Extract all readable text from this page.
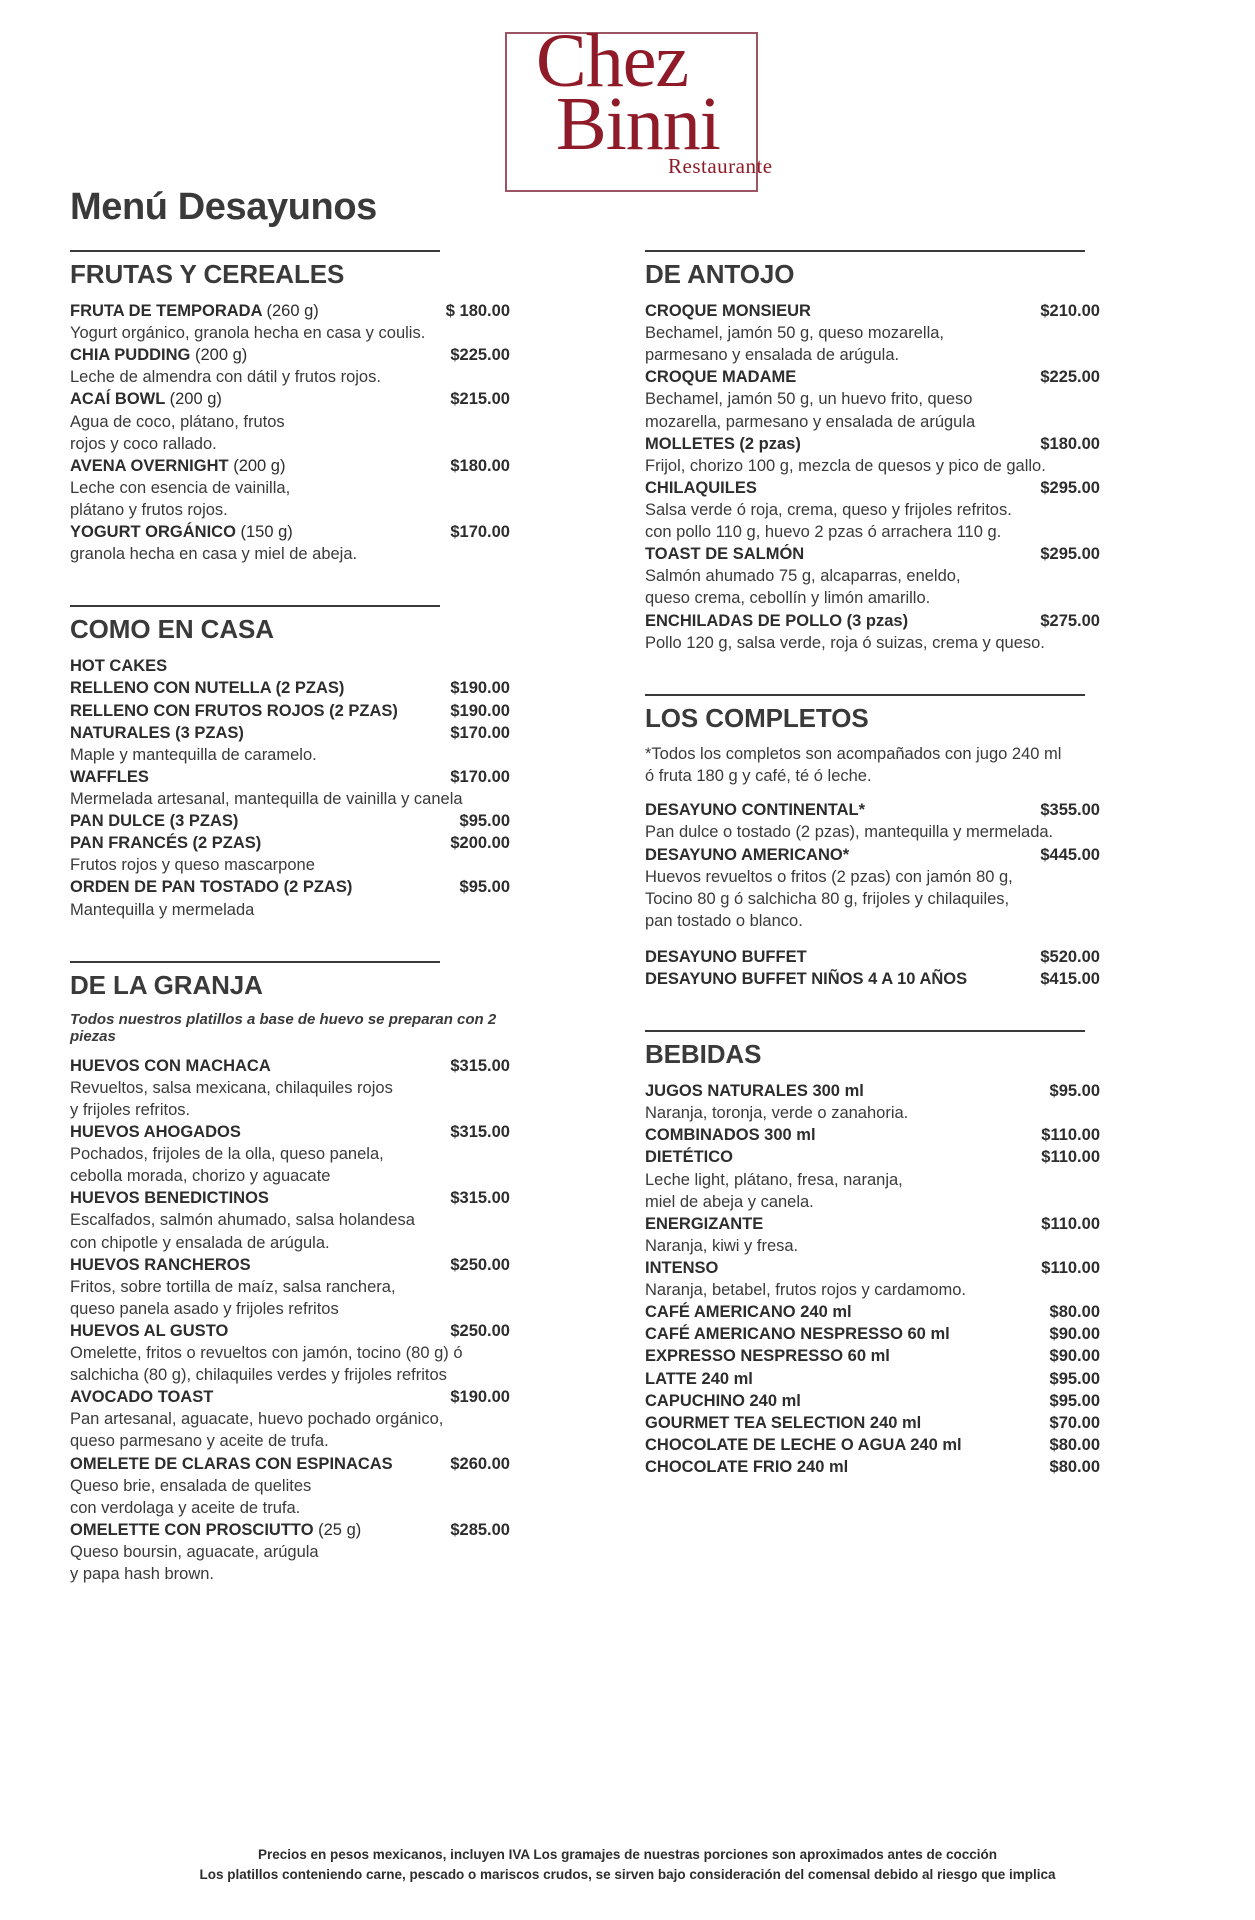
Chez
Binni
Restaurante
Menú Desayunos
FRUTAS Y CEREALES
FRUTA DE TEMPORADA (260 g)	$ 180.00
Yogurt orgánico, granola hecha en casa y coulis.
CHIA PUDDING (200 g)	$225.00
Leche de almendra con dátil y frutos rojos.
ACAÍ BOWL (200 g)	$215.00
Agua de coco, plátano, frutos
rojos y coco rallado.
AVENA OVERNIGHT (200 g)	$180.00
Leche con esencia de vainilla,
plátano y frutos rojos.
YOGURT ORGÁNICO (150 g)	$170.00
granola hecha en casa y miel de abeja.
COMO EN CASA
HOT CAKES
RELLENO CON NUTELLA (2 PZAS)	$190.00
RELLENO CON FRUTOS ROJOS (2 PZAS)	$190.00
NATURALES (3 PZAS)	$170.00
Maple y mantequilla de caramelo.
WAFFLES	$170.00
Mermelada artesanal, mantequilla de vainilla y canela
PAN DULCE (3 PZAS)	$95.00
PAN FRANCÉS (2 PZAS)	$200.00
Frutos rojos y queso mascarpone
ORDEN DE PAN TOSTADO (2 PZAS)	$95.00
Mantequilla y mermelada
DE LA GRANJA
Todos nuestros platillos a base de huevo se preparan con 2 piezas
HUEVOS CON MACHACA	$315.00
Revueltos, salsa mexicana, chilaquiles rojos
y frijoles refritos.
HUEVOS AHOGADOS	$315.00
Pochados, frijoles de la olla, queso panela,
cebolla morada, chorizo y aguacate
HUEVOS BENEDICTINOS	$315.00
Escalfados, salmón ahumado, salsa holandesa
con chipotle y ensalada de arúgula.
HUEVOS RANCHEROS	$250.00
Fritos, sobre tortilla de maíz, salsa ranchera,
queso panela asado y frijoles refritos
HUEVOS AL GUSTO	$250.00
Omelette, fritos o revueltos con jamón, tocino (80 g) ó
salchicha (80 g), chilaquiles verdes y frijoles refritos
AVOCADO TOAST	$190.00
Pan artesanal, aguacate, huevo pochado orgánico,
queso parmesano y aceite de trufa.
OMELETE DE CLARAS CON ESPINACAS	$260.00
Queso brie, ensalada de quelites
con verdolaga y aceite de trufa.
OMELETTE CON PROSCIUTTO (25 g)	$285.00
Queso boursin, aguacate, arúgula
y papa hash brown.
DE ANTOJO
CROQUE MONSIEUR	$210.00
Bechamel, jamón 50 g, queso mozarella,
parmesano y ensalada de arúgula.
CROQUE MADAME	$225.00
Bechamel, jamón 50 g, un huevo frito, queso
mozarella, parmesano y ensalada de arúgula
MOLLETES (2 pzas)	$180.00
Frijol, chorizo 100 g, mezcla de quesos y pico de gallo.
CHILAQUILES	$295.00
Salsa verde ó roja, crema, queso y frijoles refritos.
con pollo 110 g, huevo 2 pzas ó arrachera 110 g.
TOAST DE SALMÓN	$295.00
Salmón ahumado 75 g, alcaparras, eneldo,
queso crema, cebollín y limón amarillo.
ENCHILADAS DE POLLO (3 pzas)	$275.00
Pollo 120 g, salsa verde, roja ó suizas, crema y queso.
LOS COMPLETOS
*Todos los completos son acompañados con jugo 240 ml
ó fruta 180 g y café, té ó leche.
DESAYUNO CONTINENTAL*	$355.00
Pan dulce o tostado (2 pzas), mantequilla y mermelada.
DESAYUNO AMERICANO*	$445.00
Huevos revueltos o fritos (2 pzas) con jamón 80 g,
Tocino 80 g ó salchicha 80 g, frijoles y chilaquiles,
pan tostado o blanco.
DESAYUNO BUFFET	$520.00
DESAYUNO BUFFET NIÑOS 4 A 10 AÑOS	$415.00
BEBIDAS
JUGOS NATURALES 300 ml	$95.00
Naranja, toronja, verde o zanahoria.
COMBINADOS 300 ml	$110.00
DIETÉTICO	$110.00
Leche light, plátano, fresa, naranja,
miel de abeja y canela.
ENERGIZANTE	$110.00
Naranja, kiwi y fresa.
INTENSO	$110.00
Naranja, betabel, frutos rojos y cardamomo.
CAFÉ AMERICANO 240 ml	$80.00
CAFÉ AMERICANO NESPRESSO 60 ml	$90.00
EXPRESSO NESPRESSO 60 ml	$90.00
LATTE 240 ml	$95.00
CAPUCHINO 240 ml	$95.00
GOURMET TEA SELECTION 240 ml	$70.00
CHOCOLATE DE LECHE O AGUA 240 ml	$80.00
CHOCOLATE FRIO 240 ml	$80.00
Precios en pesos mexicanos, incluyen IVA Los gramajes de nuestras porciones son aproximados antes de cocción
Los platillos conteniendo carne, pescado o mariscos crudos, se sirven bajo consideración del comensal debido al riesgo que implica
